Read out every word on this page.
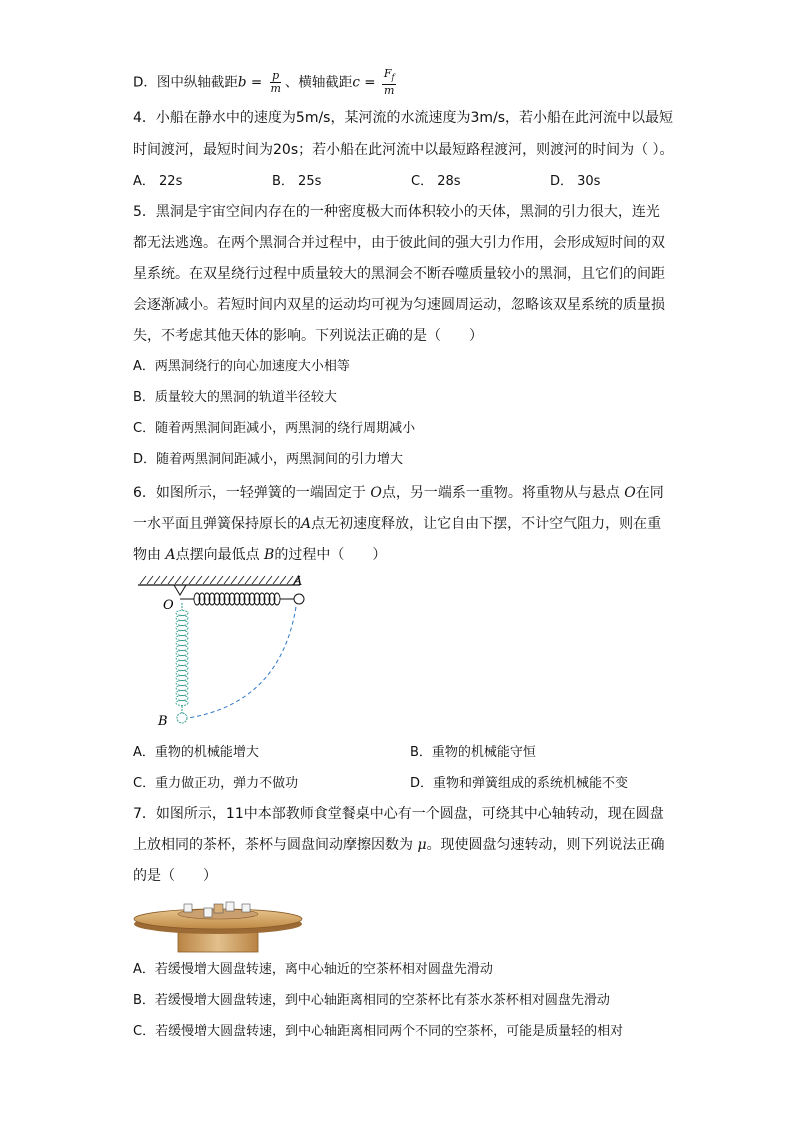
D．图中纵轴截距$b = \frac{p}{m}$ 、横轴截距$c = \frac{F_f}{m}$
4．小船在静水中的速度为5m/s，某河流的水流速度为3m/s，若小船在此河流中以最短
时间渡河，最短时间为20s；若小船在此河流中以最短路程渡河，则渡河的时间为（ ）。
A． 22s	B． 25s	C． 28s	D． 30s
5．黑洞是宇宙空间内存在的一种密度极大而体积较小的天体，黑洞的引力很大，连光
都无法逃逸。在两个黑洞合并过程中，由于彼此间的强大引力作用，会形成短时间的双
星系统。在双星绕行过程中质量较大的黑洞会不断吞噬质量较小的黑洞，且它们的间距
会逐渐减小。若短时间内双星的运动均可视为匀速圆周运动，忽略该双星系统的质量损
失，不考虑其他天体的影响。下列说法正确的是（　　）
A．两黑洞绕行的向心加速度大小相等
B．质量较大的黑洞的轨道半径较大
C．随着两黑洞间距减小，两黑洞的绕行周期减小
D．随着两黑洞间距减小，两黑洞间的引力增大
6．如图所示，一轻弹簧的一端固定于 O点，另一端系一重物。将重物从与悬点 O在同
一水平面且弹簧保持原长的A点无初速度释放，让它自由下摆，不计空气阻力，则在重
物由 A点摆向最低点 B的过程中（　　）
O
A
B
A．重物的机械能增大	B．重物的机械能守恒
C．重力做正功，弹力不做功	D．重物和弹簧组成的系统机械能不变
7．如图所示，11中本部教师食堂餐桌中心有一个圆盘，可绕其中心轴转动，现在圆盘
上放相同的茶杯，茶杯与圆盘间动摩擦因数为 μ。现使圆盘匀速转动，则下列说法正确
的是（　　）
A．若缓慢增大圆盘转速，离中心轴近的空茶杯相对圆盘先滑动
B．若缓慢增大圆盘转速，到中心轴距离相同的空茶杯比有茶水茶杯相对圆盘先滑动
C．若缓慢增大圆盘转速，到中心轴距离相同两个不同的空茶杯，可能是质量轻的相对
